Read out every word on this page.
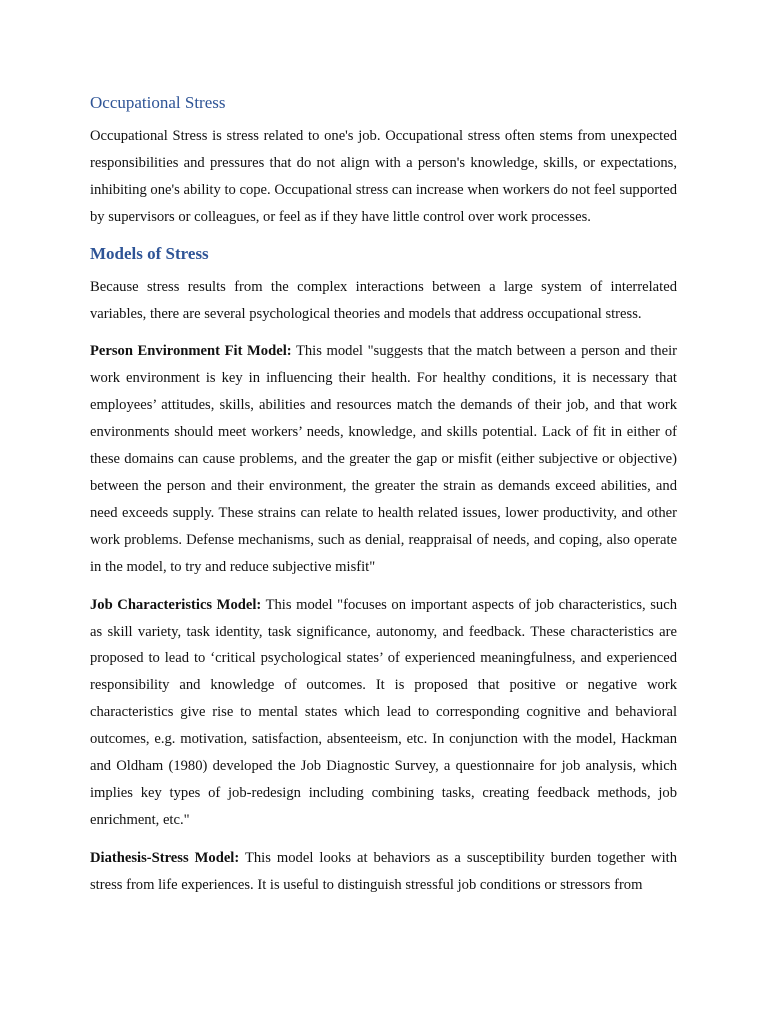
Occupational Stress

Occupational Stress is stress related to one's job. Occupational stress often stems from unexpected responsibilities and pressures that do not align with a person's knowledge, skills, or expectations, inhibiting one's ability to cope. Occupational stress can increase when workers do not feel supported by supervisors or colleagues, or feel as if they have little control over work processes.

Models of Stress

Because stress results from the complex interactions between a large system of interrelated variables, there are several psychological theories and models that address occupational stress.

Person Environment Fit Model: This model "suggests that the match between a person and their work environment is key in influencing their health. For healthy conditions, it is necessary that employees’ attitudes, skills, abilities and resources match the demands of their job, and that work environments should meet workers’ needs, knowledge, and skills potential. Lack of fit in either of these domains can cause problems, and the greater the gap or misfit (either subjective or objective) between the person and their environment, the greater the strain as demands exceed abilities, and need exceeds supply. These strains can relate to health related issues, lower productivity, and other work problems. Defense mechanisms, such as denial, reappraisal of needs, and coping, also operate in the model, to try and reduce subjective misfit"

Job Characteristics Model: This model "focuses on important aspects of job characteristics, such as skill variety, task identity, task significance, autonomy, and feedback. These characteristics are proposed to lead to ‘critical psychological states’ of experienced meaningfulness, and experienced responsibility and knowledge of outcomes. It is proposed that positive or negative work characteristics give rise to mental states which lead to corresponding cognitive and behavioral outcomes, e.g. motivation, satisfaction, absenteeism, etc. In conjunction with the model, Hackman and Oldham (1980) developed the Job Diagnostic Survey, a questionnaire for job analysis, which implies key types of job-redesign including combining tasks, creating feedback methods, job enrichment, etc."

Diathesis-Stress Model: This model looks at behaviors as a susceptibility burden together with stress from life experiences. It is useful to distinguish stressful job conditions or stressors from
